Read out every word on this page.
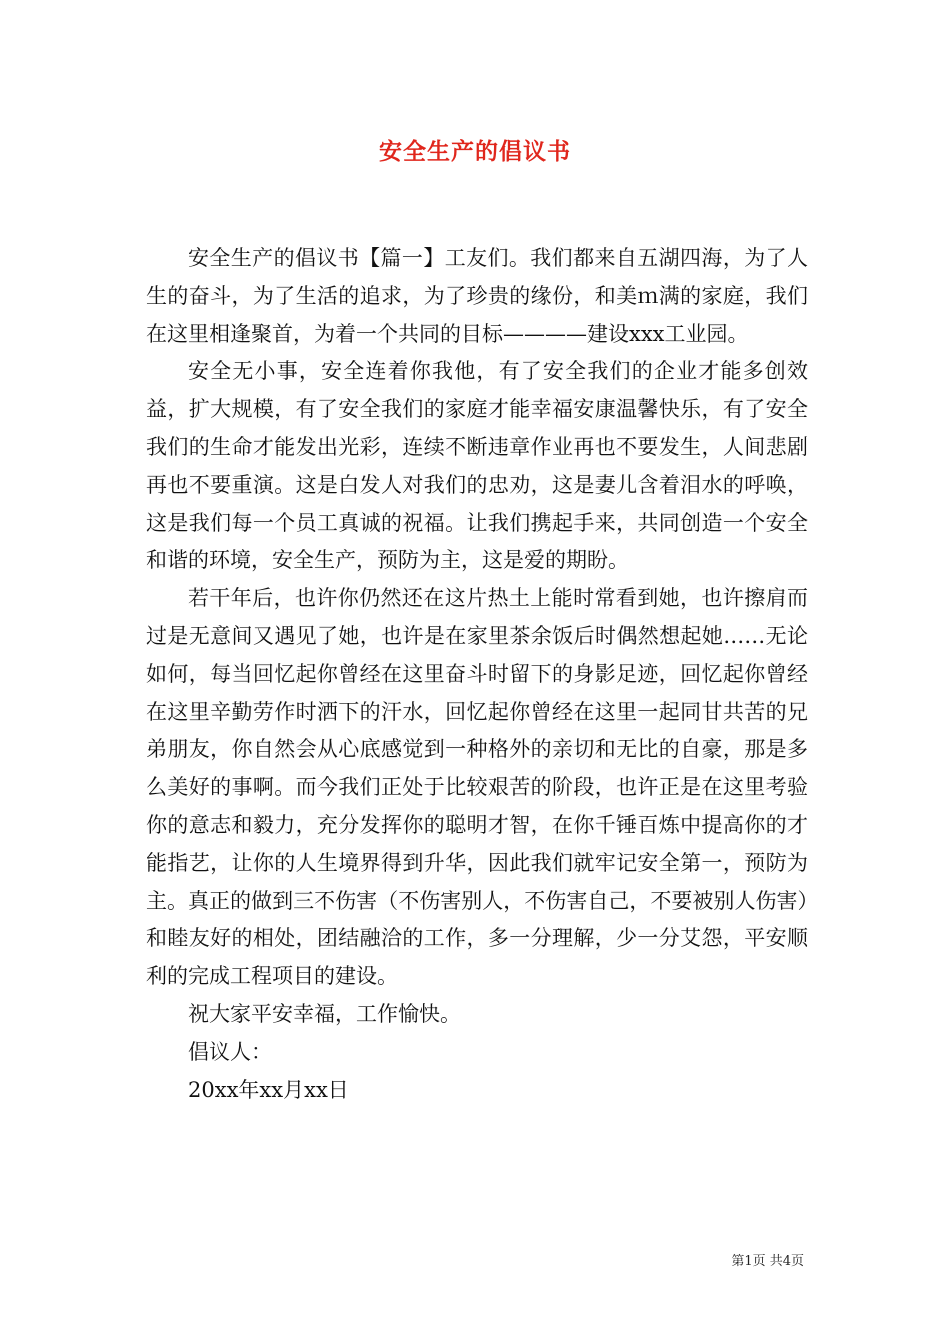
安全生产的倡议书

安全生产的倡议书【篇一】工友们。我们都来自五湖四海，为了人生的奋斗，为了生活的追求，为了珍贵的缘份，和美ｍ满的家庭，我们在这里相逢聚首，为着一个共同的目标————建设xxx工业园。

安全无小事，安全连着你我他，有了安全我们的企业才能多创效益，扩大规模，有了安全我们的家庭才能幸福安康温馨快乐，有了安全我们的生命才能发出光彩，连续不断违章作业再也不要发生，人间悲剧再也不要重演。这是白发人对我们的忠劝，这是妻儿含着泪水的呼唤，这是我们每一个员工真诚的祝福。让我们携起手来，共同创造一个安全和谐的环境，安全生产，预防为主，这是爱的期盼。

若干年后，也许你仍然还在这片热土上能时常看到她，也许擦肩而过是无意间又遇见了她，也许是在家里茶余饭后时偶然想起她……无论如何，每当回忆起你曾经在这里奋斗时留下的身影足迹，回忆起你曾经在这里辛勤劳作时洒下的汗水，回忆起你曾经在这里一起同甘共苦的兄弟朋友，你自然会从心底感觉到一种格外的亲切和无比的自豪，那是多么美好的事啊。而今我们正处于比较艰苦的阶段，也许正是在这里考验你的意志和毅力，充分发挥你的聪明才智，在你千锤百炼中提高你的才能指艺，让你的人生境界得到升华，因此我们就牢记安全第一，预防为主。真正的做到三不伤害（不伤害别人，不伤害自己，不要被别人伤害）和睦友好的相处，团结融洽的工作，多一分理解，少一分艾怨，平安顺利的完成工程项目的建设。

祝大家平安幸福，工作愉快。

倡议人：

20xx年xx月xx日

第1页 共4页
